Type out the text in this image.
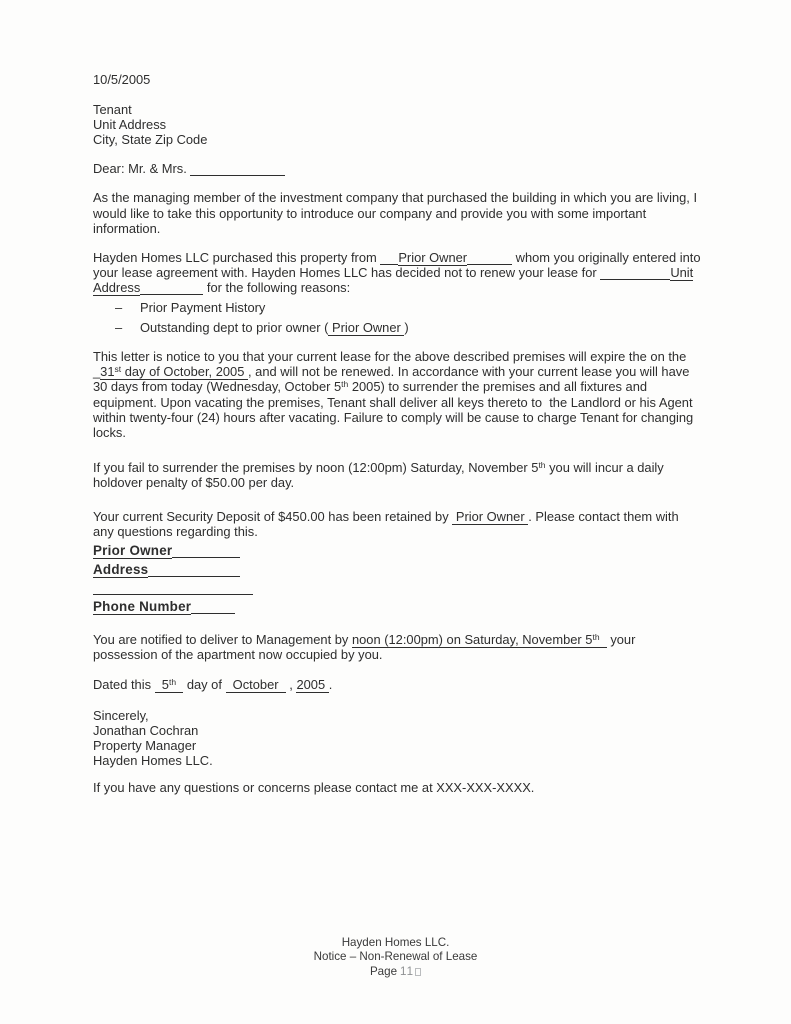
10/5/2005

Tenant

Unit Address

City, State Zip Code

Dear: Mr. & Mrs.

As the managing member of the investment company that purchased the building in which you are living, I would like to take this opportunity to introduce our company and provide you with some important information.

Hayden Homes LLC purchased this property from Prior Owner	whom you originally entered into your lease agreement with. Hayden Homes LLC has decided not to renew your lease for	Unit Address	for the following reasons:

–	Prior Payment History
–	Outstanding dept to prior owner ( Prior Owner )

This letter is notice to you that your current lease for the above described premises will expire the on the _31st day of October, 2005 , and will not be renewed. In accordance with your current lease you will have 30 days from today (Wednesday, October 5th 2005) to surrender the premises and all fixtures and equipment. Upon vacating the premises, Tenant shall deliver all keys thereto to  the Landlord or his Agent within twenty-four (24) hours after vacating. Failure to comply will be cause to charge Tenant for changing locks.

If you fail to surrender the premises by noon (12:00pm) Saturday, November 5th you will incur a daily holdover penalty of $50.00 per day.

Your current Security Deposit of $450.00 has been retained by  Prior Owner . Please contact them with any questions regarding this.

Prior Owner

Address

Phone Number

You are notified to deliver to Management by noon (12:00pm) on Saturday, November 5th   your possession of the apartment now occupied by you.

Dated this   5th   day of   October   , 2005 .

Sincerely,

Jonathan Cochran

Property Manager

Hayden Homes LLC.

If you have any questions or concerns please contact me at XXX-XXX-XXXX.

Hayden Homes LLC.

Notice – Non-Renewal of Lease

Page 11
